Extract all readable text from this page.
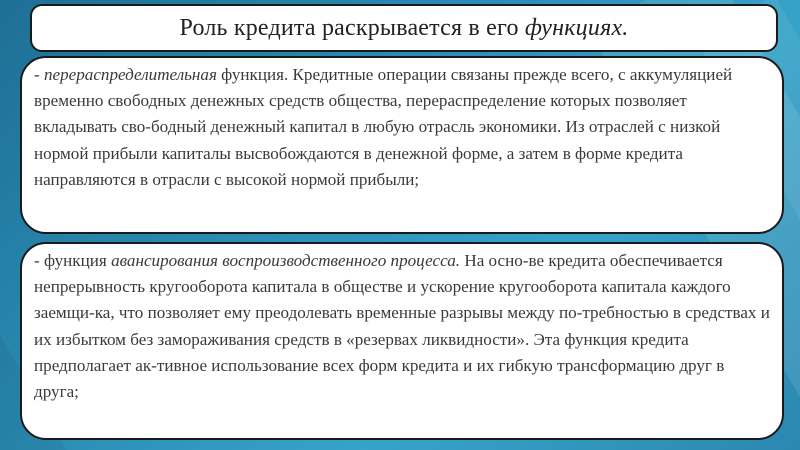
Роль кредита раскрывается в его функциях.

- перераспределительная функция. Кредитные операции связаны прежде всего, с аккумуляцией временно свободных денежных средств общества, перераспределение которых позволяет вкладывать сво-бодный денежный капитал в любую отрасль экономики. Из отраслей с низкой нормой прибыли капиталы высвобождаются в денежной форме, а затем в форме кредита направляются в отрасли с высокой нормой прибыли;

- функция авансирования воспроизводственного процесса. На осно-ве кредита обеспечивается непрерывность кругооборота капитала в обществе и ускорение кругооборота капитала каждого заемщи-ка, что позволяет ему преодолевать временные разрывы между по-требностью в средствах и их избытком без замораживания средств в «резервах ликвидности». Эта функция кредита предполагает ак-тивное использование всех форм кредита и их гибкую трансформацию друг в друга;
